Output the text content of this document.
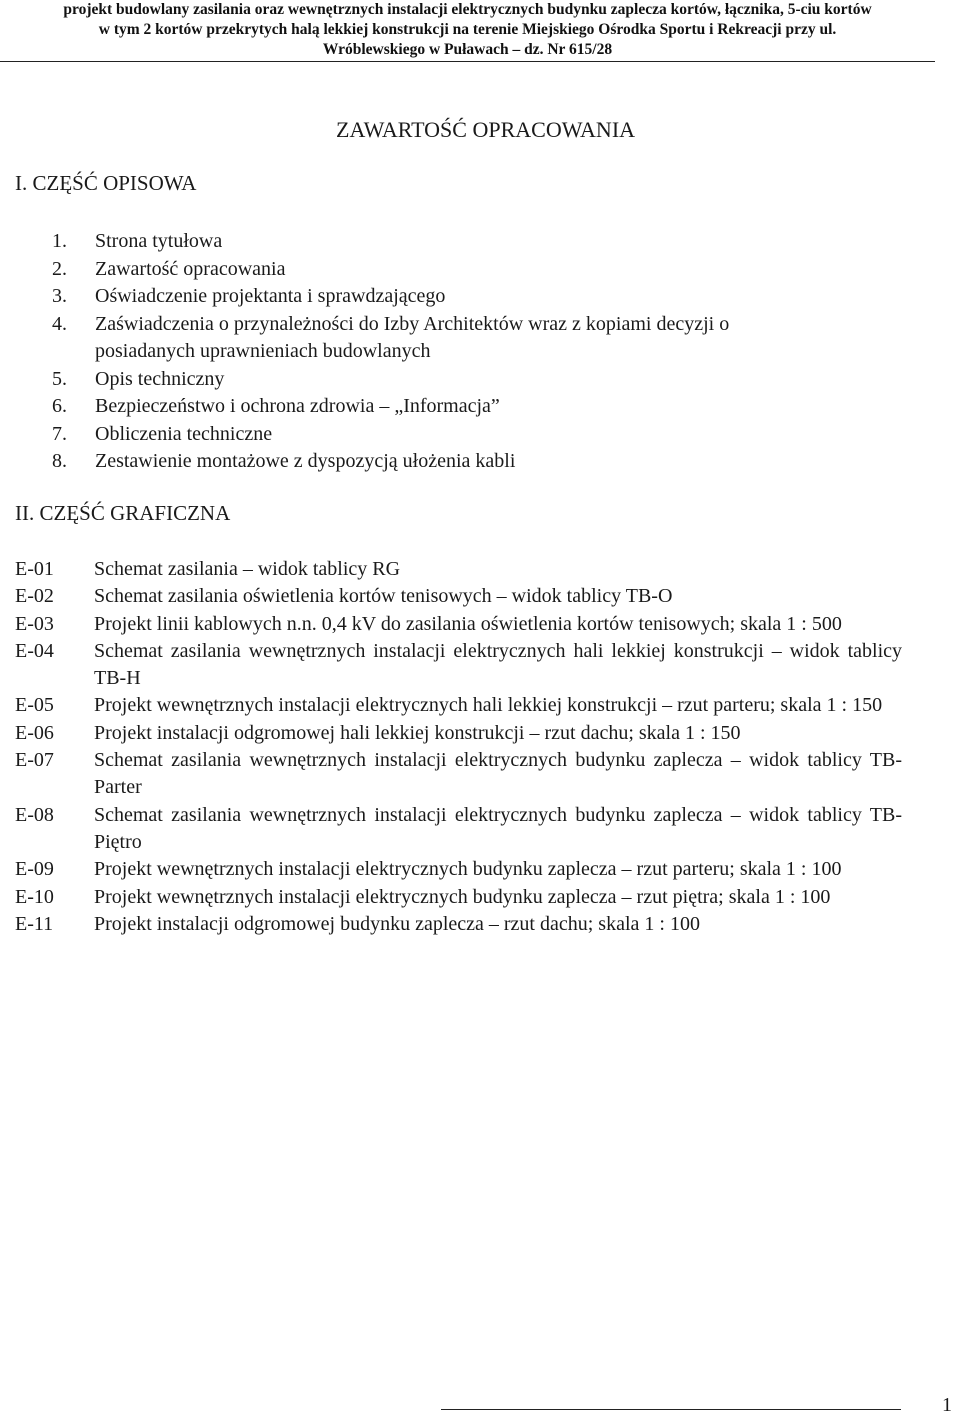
projekt budowlany zasilania oraz wewnętrznych instalacji elektrycznych budynku zaplecza kortów, łącznika, 5-ciu kortów
w tym 2 kortów przekrytych halą lekkiej konstrukcji na terenie Miejskiego Ośrodka Sportu i Rekreacji przy ul.
Wróblewskiego w Puławach – dz. Nr 615/28
ZAWARTOŚĆ OPRACOWANIA
I. CZĘŚĆ OPISOWA
1. Strona tytułowa
2. Zawartość opracowania
3. Oświadczenie projektanta i sprawdzającego
4. Zaświadczenia o przynależności do Izby Architektów wraz z kopiami decyzji o posiadanych uprawnieniach budowlanych
5. Opis techniczny
6. Bezpieczeństwo i ochrona zdrowia – „Informacja”
7. Obliczenia techniczne
8. Zestawienie montażowe z dyspozycją ułożenia kabli
II. CZĘŚĆ GRAFICZNA
E-01	Schemat zasilania – widok tablicy RG
E-02	Schemat zasilania oświetlenia kortów tenisowych – widok tablicy TB-O
E-03	Projekt linii kablowych n.n. 0,4 kV do zasilania oświetlenia kortów tenisowych; skala 1 : 500
E-04	Schemat zasilania wewnętrznych instalacji elektrycznych hali lekkiej konstrukcji – widok tablicy TB-H
E-05	Projekt wewnętrznych instalacji elektrycznych hali lekkiej konstrukcji – rzut parteru; skala 1 : 150
E-06	Projekt instalacji odgromowej hali lekkiej konstrukcji – rzut dachu; skala 1 : 150
E-07	Schemat zasilania wewnętrznych instalacji elektrycznych budynku zaplecza – widok tablicy TB-Parter
E-08	Schemat zasilania wewnętrznych instalacji elektrycznych budynku zaplecza – widok tablicy TB-Piętro
E-09	Projekt wewnętrznych instalacji elektrycznych budynku zaplecza – rzut parteru; skala 1 : 100
E-10	Projekt wewnętrznych instalacji elektrycznych budynku zaplecza – rzut piętra; skala 1 : 100
E-11	Projekt instalacji odgromowej budynku zaplecza – rzut dachu; skala 1 : 100
1
